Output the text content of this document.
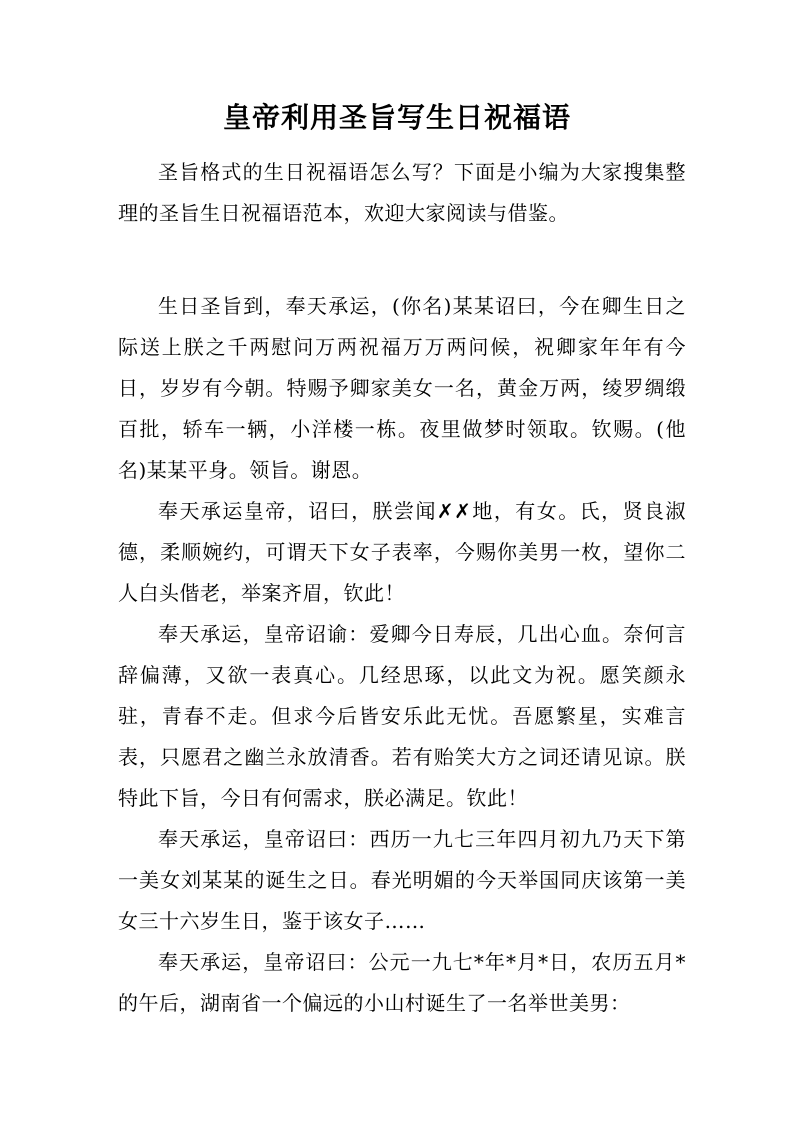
皇帝利用圣旨写生日祝福语

圣旨格式的生日祝福语怎么写？下面是小编为大家搜集整理的圣旨生日祝福语范本，欢迎大家阅读与借鉴。

生日圣旨到，奉天承运，(你名)某某诏曰，今在卿生日之际送上朕之千两慰问万两祝福万万两问候，祝卿家年年有今日，岁岁有今朝。特赐予卿家美女一名，黄金万两，绫罗绸缎百批，轿车一辆，小洋楼一栋。夜里做梦时领取。钦赐。(他名)某某平身。领旨。谢恩。

奉天承运皇帝，诏曰，朕尝闻✗✗地，有女。氏，贤良淑德，柔顺婉约，可谓天下女子表率，今赐你美男一枚，望你二人白头偕老，举案齐眉，钦此！

奉天承运，皇帝诏谕：爱卿今日寿辰，几出心血。奈何言辞偏薄，又欲一表真心。几经思琢，以此文为祝。愿笑颜永驻，青春不走。但求今后皆安乐此无忧。吾愿繁星，实难言表，只愿君之幽兰永放清香。若有贻笑大方之词还请见谅。朕特此下旨，今日有何需求，朕必满足。钦此！

奉天承运，皇帝诏曰：西历一九七三年四月初九乃天下第一美女刘某某的诞生之日。春光明媚的今天举国同庆该第一美女三十六岁生日，鉴于该女子……

奉天承运，皇帝诏曰：公元一九七*年*月*日，农历五月*的午后，湖南省一个偏远的小山村诞生了一名举世美男：
